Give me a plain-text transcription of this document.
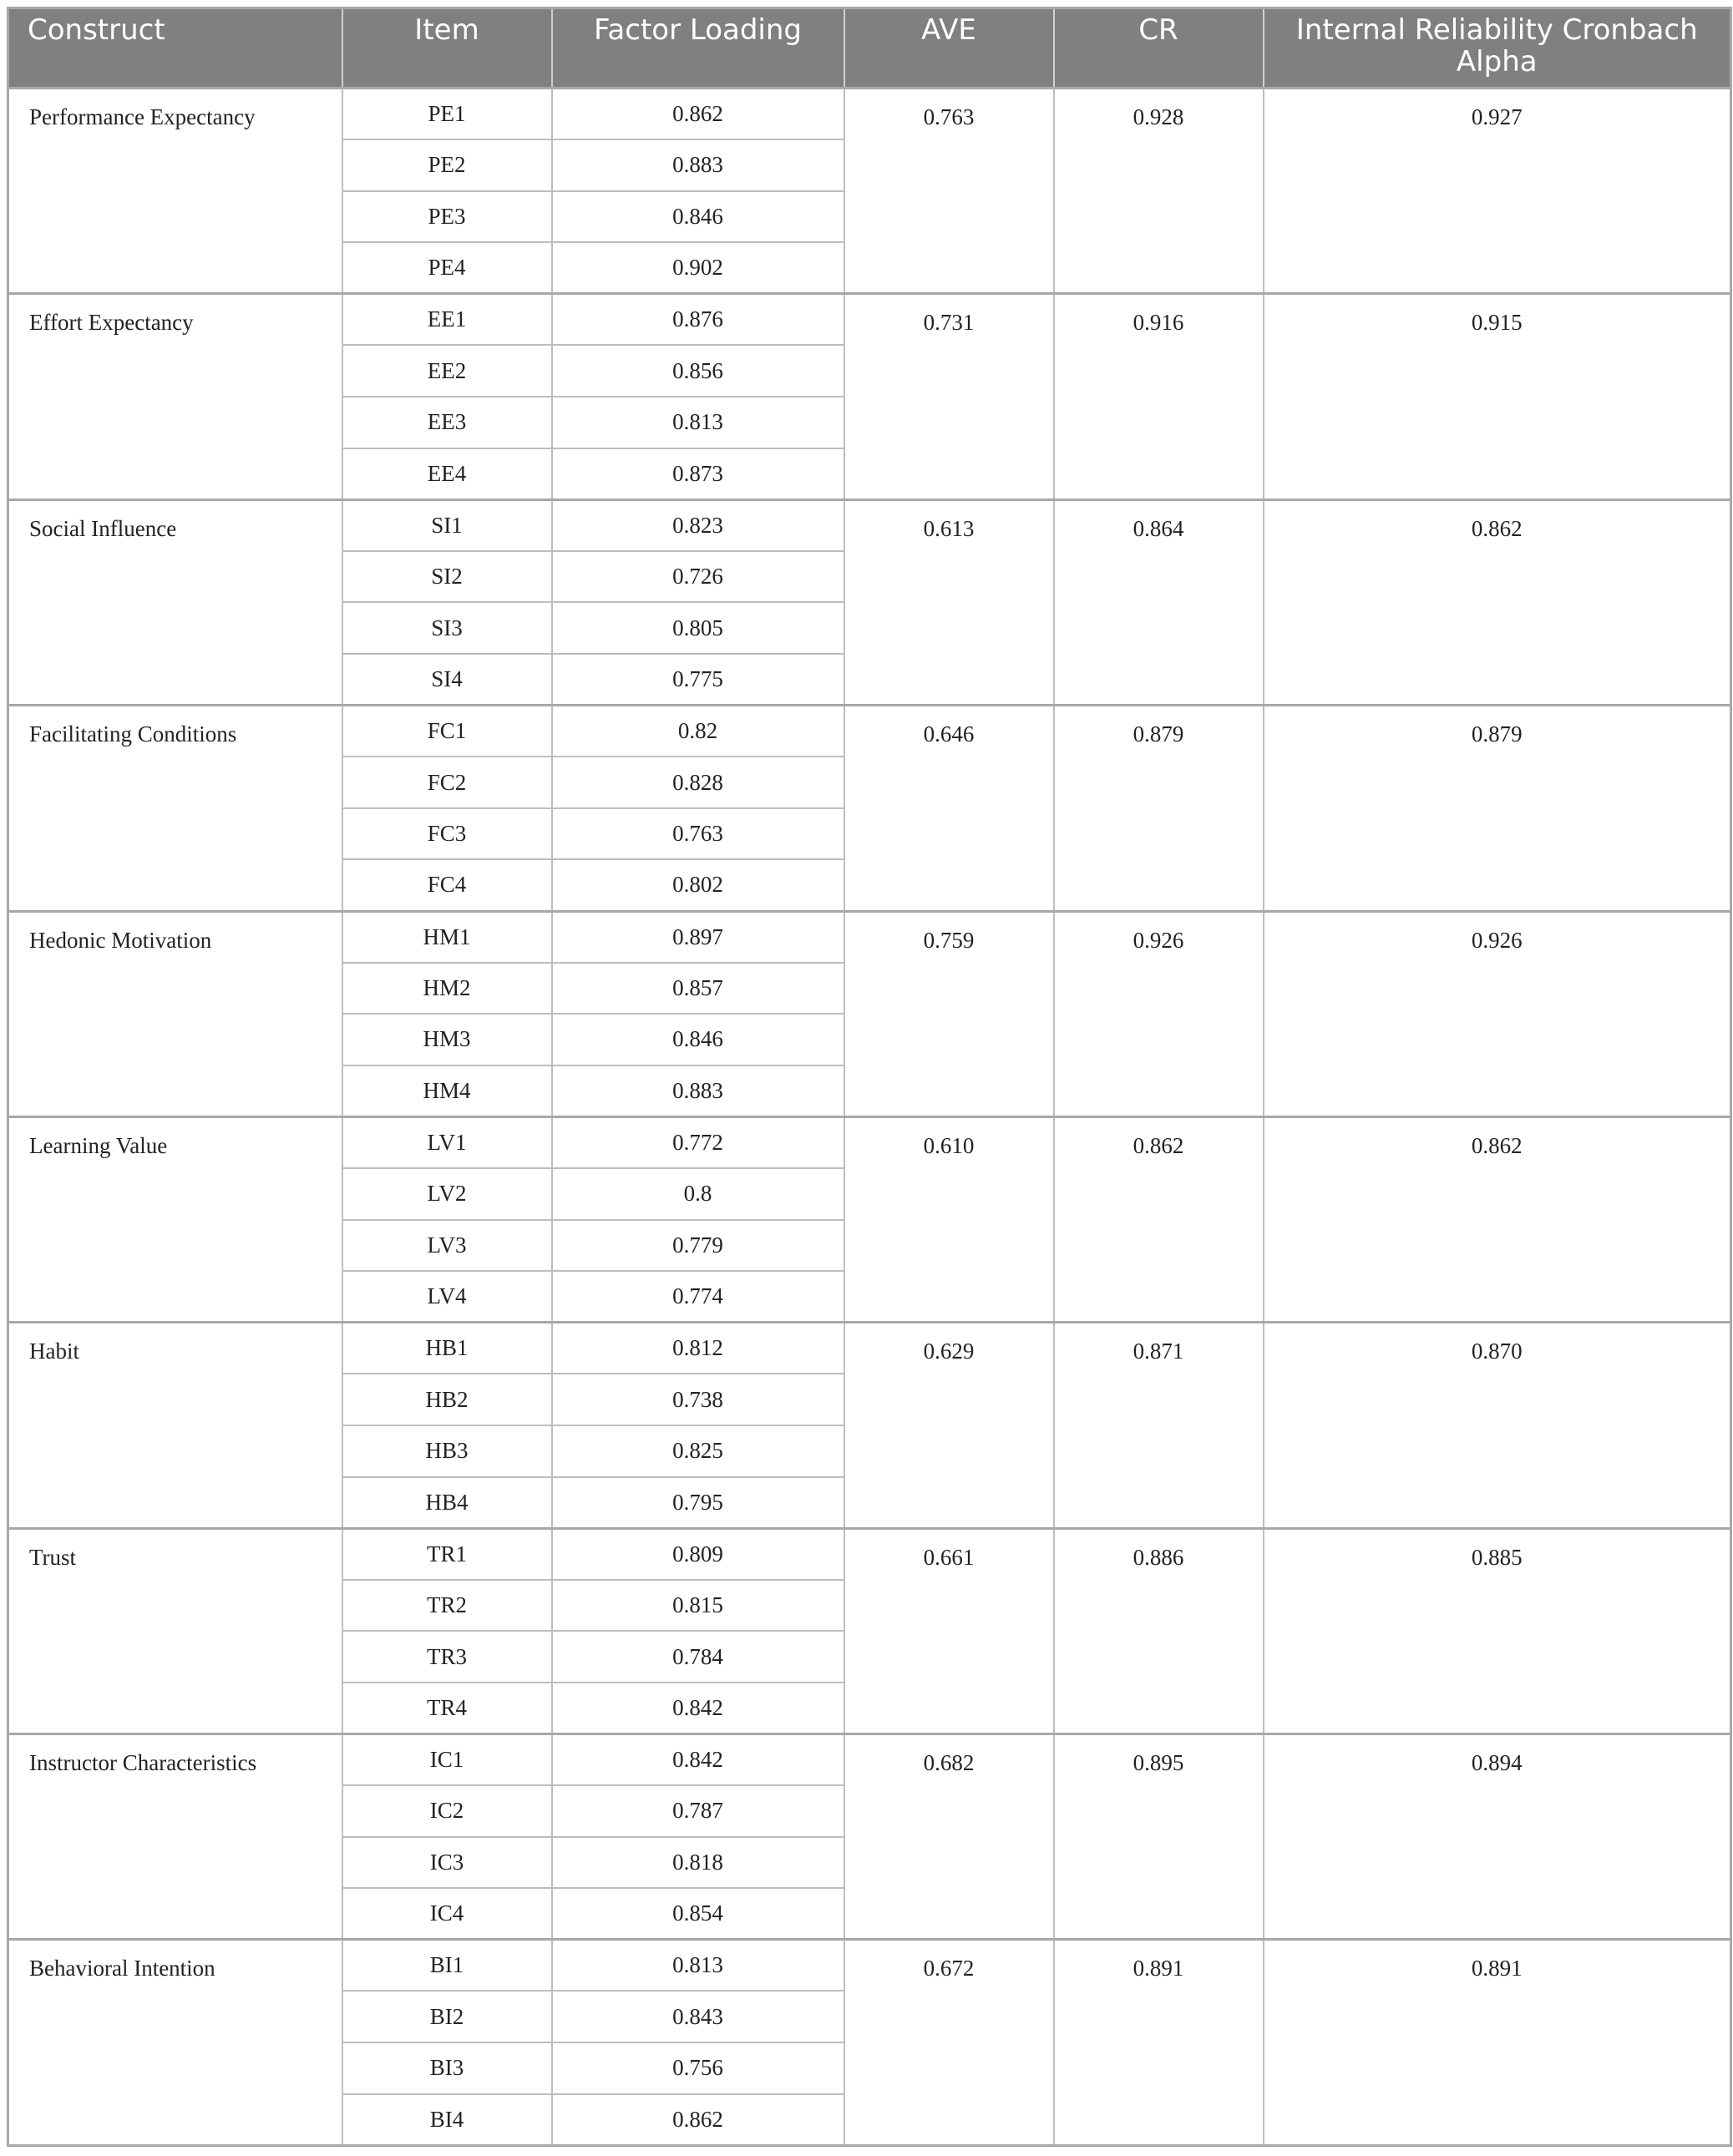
Construct	Item	Factor Loading	AVE	CR	Internal Reliability Cronbach Alpha
Performance Expectancy	PE1	0.862	0.763	0.928	0.927
	PE2	0.883			
	PE3	0.846			
	PE4	0.902			
Effort Expectancy	EE1	0.876	0.731	0.916	0.915
	EE2	0.856			
	EE3	0.813			
	EE4	0.873			
Social Influence	SI1	0.823	0.613	0.864	0.862
	SI2	0.726			
	SI3	0.805			
	SI4	0.775			
Facilitating Conditions	FC1	0.82	0.646	0.879	0.879
	FC2	0.828			
	FC3	0.763			
	FC4	0.802			
Hedonic Motivation	HM1	0.897	0.759	0.926	0.926
	HM2	0.857			
	HM3	0.846			
	HM4	0.883			
Learning Value	LV1	0.772	0.610	0.862	0.862
	LV2	0.8			
	LV3	0.779			
	LV4	0.774			
Habit	HB1	0.812	0.629	0.871	0.870
	HB2	0.738			
	HB3	0.825			
	HB4	0.795			
Trust	TR1	0.809	0.661	0.886	0.885
	TR2	0.815			
	TR3	0.784			
	TR4	0.842			
Instructor Characteristics	IC1	0.842	0.682	0.895	0.894
	IC2	0.787			
	IC3	0.818			
	IC4	0.854			
Behavioral Intention	BI1	0.813	0.672	0.891	0.891
	BI2	0.843			
	BI3	0.756			
	BI4	0.862			
